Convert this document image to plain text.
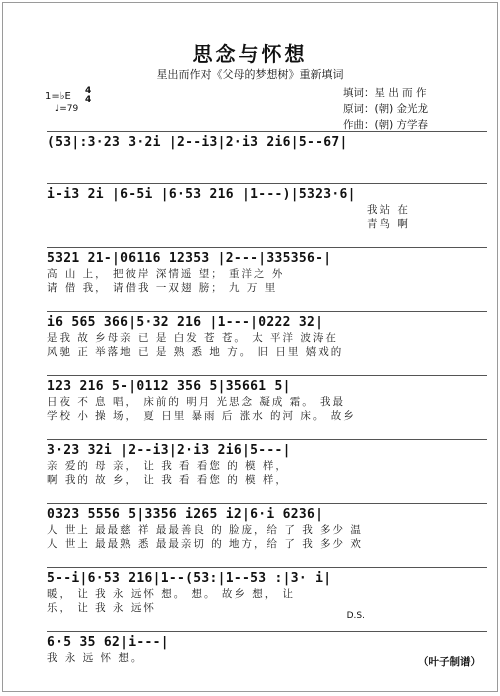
思念与怀想
星出而作对《父母的梦想树》重新填词
1=♭E 4
4
♩=79
填词：星 出 而 作
原词：(朝) 金光龙
作曲：(朝) 方学春
(53|:3·23 3·2i |2--i3|2·i3 2i6|5--67|
i-i3 2i |6-5i |6·53 216 |1---)|5323·6|
我站 在
青鸟 啊
5321 21-|06116 12353 |2---|335356-|
高 山 上， 把彼岸 深情遥 望； 重洋之 外
请 借 我， 请借我 一双翅 膀； 九 万 里
i6 565 366|5·32 216 |1---|0222 32|
是我 故 乡母亲 已 是 白发 苍 苍。 太 平洋 波涛在
风驰 正 举落地 已 是 熟 悉 地 方。 旧 日里 嬉戏的
123 216 5-|0112 356 5|35661 5|
日夜 不 息 唱， 床前的 明月 光思念 凝成 霜。 我最
学校 小 操 场， 夏 日里 暴雨 后 涨水 的河 床。 故乡
3·23 32i |2--i3|2·i3 2i6|5---|
亲 爱的 母 亲， 让 我 看 看您 的 模 样，
啊 我的 故 乡， 让 我 看 看您 的 模 样，
0323 5556 5|3356 i265 i2|6·i 6236|
人 世上 最最慈 祥 最最善良 的 脸庞，给 了 我 多少 温
人 世上 最最熟 悉 最最亲切 的 地方，给 了 我 多少 欢
5--i|6·53 216|1--(53:|1--53 :|3· i|
暖， 让 我 永 远怀 想。 想。 故乡 想， 让
乐， 让 我 永 远怀
D.S.
6·5 35 62|i---|
我 永 远 怀 想。	（叶子制谱）
